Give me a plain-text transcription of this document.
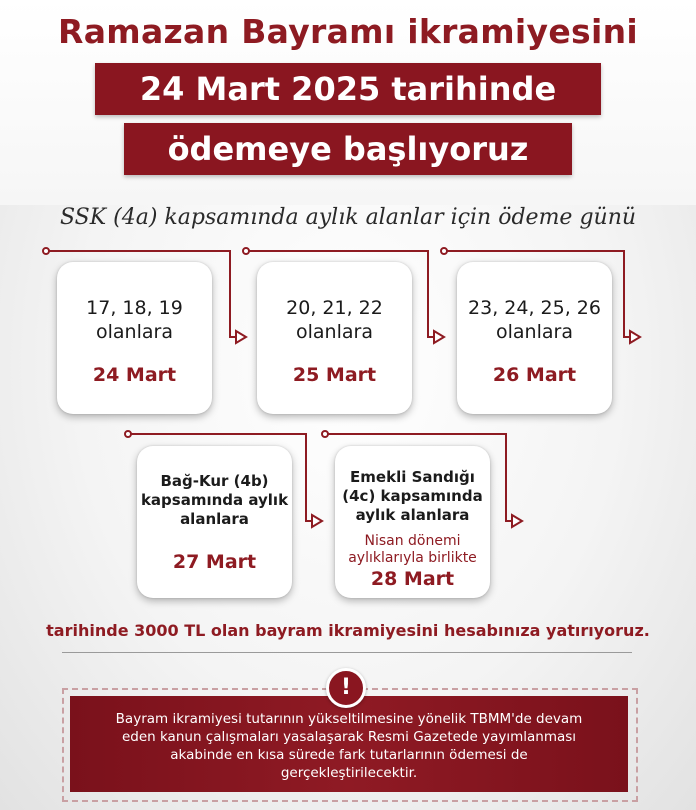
Ramazan Bayramı ikramiyesini
24 Mart 2025 tarihinde
ödemeye başlıyoruz
SSK (4a) kapsamında aylık alanlar için ödeme günü
17, 18, 19
olanlara
24 Mart
20, 21, 22
olanlara
25 Mart
23, 24, 25, 26
olanlara
26 Mart
Bağ-Kur (4b)
kapsamında aylık
alanlara
27 Mart
Emekli Sandığı
(4c) kapsamında
aylık alanlara
Nisan dönemi
aylıklarıyla birlikte
28 Mart
tarihinde 3000 TL olan bayram ikramiyesini hesabınıza yatırıyoruz.
Bayram ikramiyesi tutarının yükseltilmesine yönelik TBMM'de devam
eden kanun çalışmaları yasalaşarak Resmi Gazetede yayımlanması
akabinde en kısa sürede fark tutarlarının ödemesi de
gerçekleştirilecektir.
!
